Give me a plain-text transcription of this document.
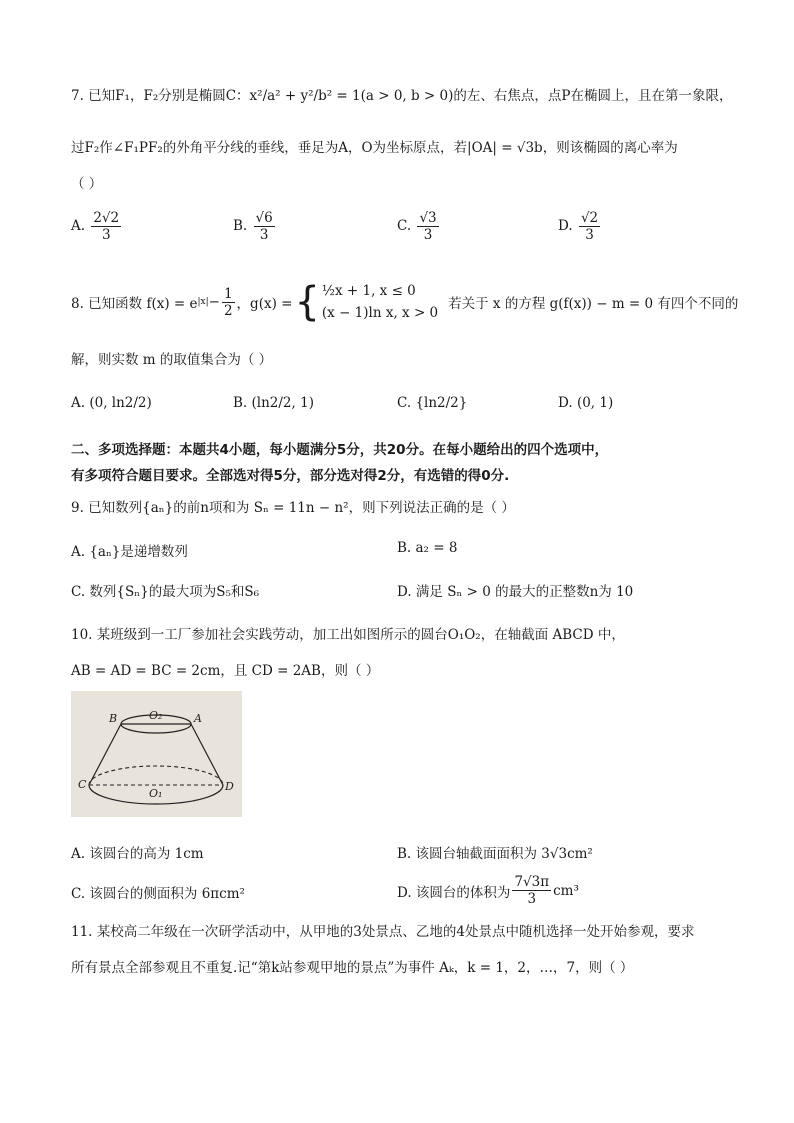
7. 已知F₁，F₂分别是椭圆C：x²/a² + y²/b² = 1(a > 0, b > 0)的左、右焦点，点P在椭圆上，且在第一象限，
过F₂作∠F₁PF₂的外角平分线的垂线，垂足为A，O为坐标原点，若|OA| = √3b，则该椭圆的离心率为
（ ）
A. $\frac{2√2}{3}$	B. $\frac{√6}{3}$	C. $\frac{√3}{3}$	D. $\frac{√2}{3}$
8. 已知函数 f(x) = e $|x| - \frac{1}{2}$ ，g(x) = { ½x + 1, x ≤ 0
(x − 1)ln x, x > 0
若关于 x 的方程 g(f(x)) − m = 0 有四个不同的
解，则实数 m 的取值集合为（ ）
A. (0, ln2/2)	B. (ln2/2, 1)	C. {ln2/2}	D. (0, 1)
二、多项选择题：本题共4小题，每小题满分5分，共20分。在每小题给出的四个选项中，
有多项符合题目要求。全部选对得5分，部分选对得2分，有选错的得0分.
9. 已知数列{aₙ}的前n项和为 Sₙ = 11n − n²，则下列说法正确的是（ ）
A. {aₙ}是递增数列	B. a₂ = 8
C. 数列{Sₙ}的最大项为S₅和S₆	D. 满足 Sₙ > 0 的最大的正整数n为 10
10. 某班级到一工厂参加社会实践劳动，加工出如图所示的圆台O₁O₂，在轴截面 ABCD 中，
AB = AD = BC = 2cm，且 CD = 2AB，则（ ）
B	O₂	A
C
O₁
D
A. 该圆台的高为 1cm	B. 该圆台轴截面面积为 3√3cm²
C. 该圆台的侧面积为 6πcm²	D. 该圆台的体积为 $\frac{7√3\pi}{3} cm^3$
11. 某校高二年级在一次研学活动中，从甲地的3处景点、乙地的4处景点中随机选择一处开始参观，要求
所有景点全部参观且不重复.记“第k站参观甲地的景点”为事件 Aₖ，k = 1，2，…，7，则（ ）
